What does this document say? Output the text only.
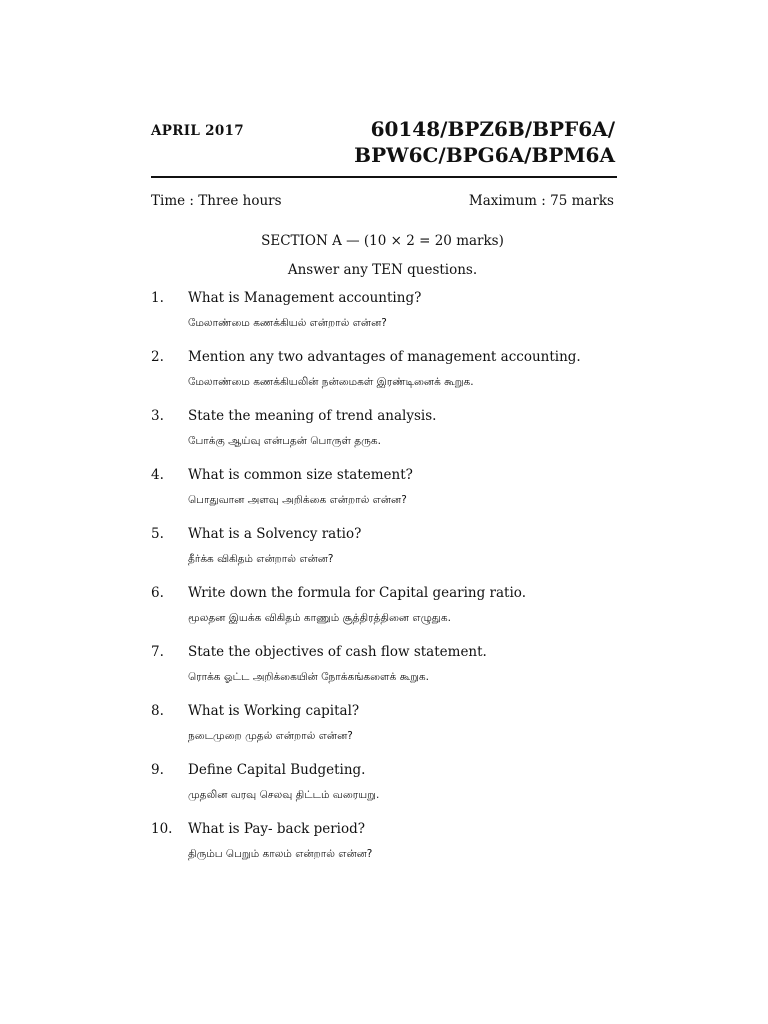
APRIL 2017	60148/BPZ6B/BPF6A/
BPW6C/BPG6A/BPM6A
Time : Three hours	Maximum : 75 marks
SECTION A — (10 × 2 = 20 marks)
Answer any TEN questions.
1. What is Management accounting?
மேலாண்மை கணக்கியல் என்றால் என்ன?
2. Mention any two advantages of management accounting.
மேலாண்மை கணக்கியலின் நன்மைகள் இரண்டினைக் கூறுக.
3. State the meaning of trend analysis.
போக்கு ஆய்வு என்பதன் பொருள் தருக.
4. What is common size statement?
பொதுவான அளவு அறிக்கை என்றால் என்ன?
5. What is a Solvency ratio?
தீர்க்க விகிதம் என்றால் என்ன?
6. Write down the formula for Capital gearing ratio.
மூலதன இயக்க விகிதம் காணும் சூத்திரத்தினை எழுதுக.
7. State the objectives of cash flow statement.
ரொக்க ஓட்ட அறிக்கையின் நோக்கங்களைக் கூறுக.
8. What is Working capital?
நடைமுறை முதல் என்றால் என்ன?
9. Define Capital Budgeting.
முதலின வரவு செலவு திட்டம் வரையறு.
10. What is Pay- back period?
திரும்ப பெறும் காலம் என்றால் என்ன?
